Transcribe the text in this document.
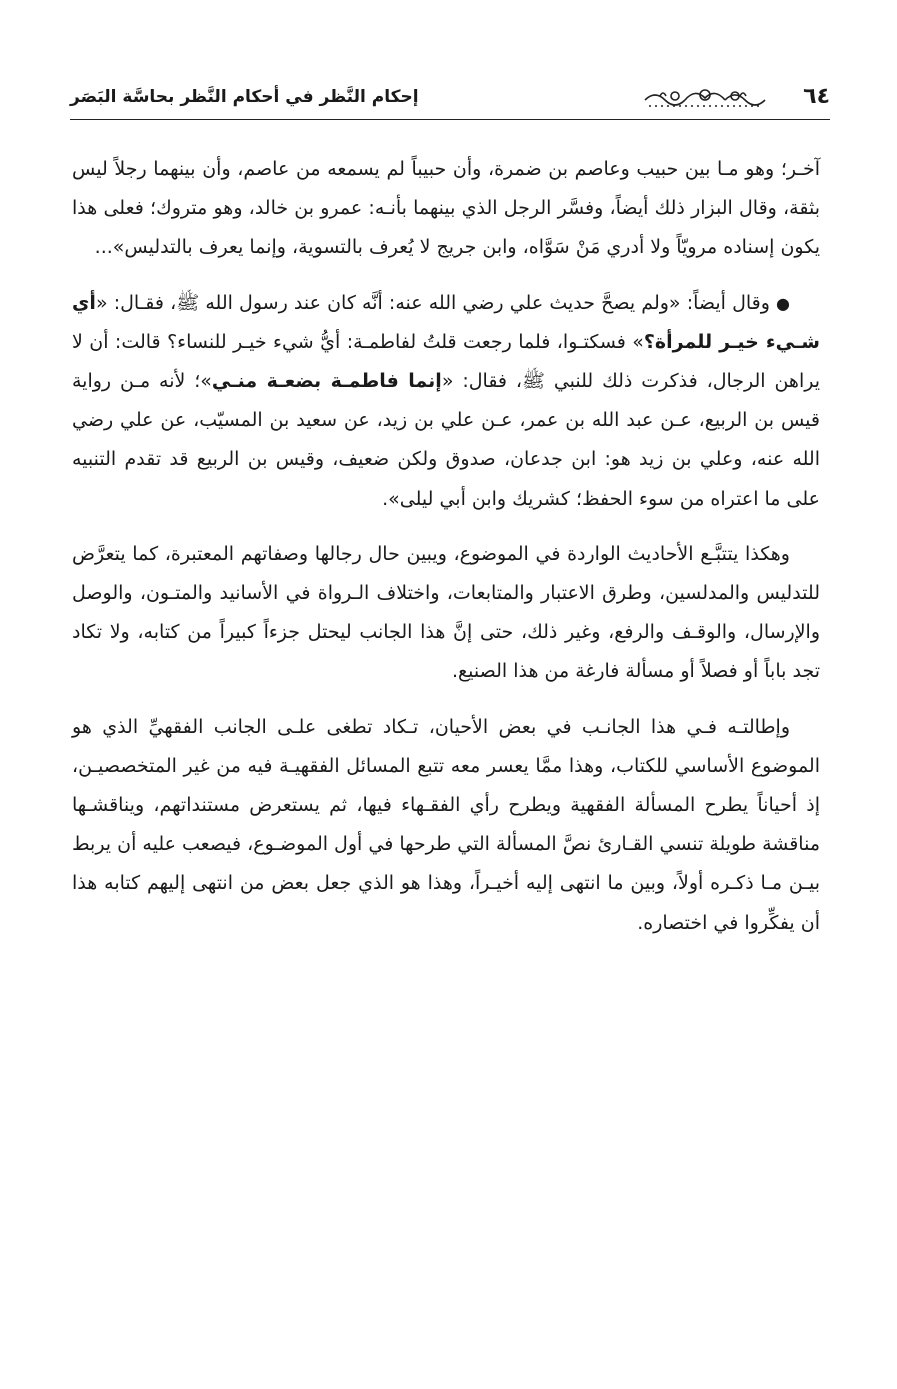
٦٤
إحكام النَّظر في أحكام النَّظر بحاسَّة البَصَر

آخـر؛ وهو مـا بين حبيب وعاصم بن ضمرة، وأن حبيباً لم يسمعه من عاصم، وأن بينهما رجلاً ليس بثقة، وقال البزار ذلك أيضاً، وفسَّر الرجل الذي بينهما بأنـه: عمرو بن خالد، وهو متروك؛ فعلى هذا يكون إسناده مرويّاً ولا أدري مَنْ سَوَّاه، وابن جريج لا يُعرف بالتسوية، وإنما يعرف بالتدليس»...

●وقال أيضاً: «ولم يصحَّ حديث علي رضي الله عنه: أنَّه كان عند رسول الله ﷺ، فقـال: «أي شـيء خيـر للمرأة؟» فسكتـوا، فلما رجعت قلتُ لفاطمـة: أيُّ شيء خيـر للنساء؟ قالت: أن لا يراهن الرجال، فذكرت ذلك للنبي ﷺ، فقال: «إنما فاطمـة بضعـة منـي»؛ لأنه مـن رواية قيس بن الربيع، عـن عبد الله بن عمر، عـن علي بن زيد، عن سعيد بن المسيّب، عن علي رضي الله عنه، وعلي بن زيد هو: ابن جدعان، صدوق ولكن ضعيف، وقيس بن الربيع قد تقدم التنبيه على ما اعتراه من سوء الحفظ؛ كشريك وابن أبي ليلى».

وهكذا يتتبَّـع الأحاديث الواردة في الموضوع، ويبين حال رجالها وصفاتهم المعتبرة، كما يتعرَّض للتدليس والمدلسين، وطرق الاعتبار والمتابعات، واختلاف الـرواة في الأسانيد والمتـون، والوصل والإرسال، والوقـف والرفع، وغير ذلك، حتى إنَّ هذا الجانب ليحتل جزءاً كبيراً من كتابه، ولا تكاد تجد باباً أو فصلاً أو مسألة فارغة من هذا الصنيع.

وإطالتـه فـي هذا الجانـب في بعض الأحيان، تـكاد تطغى علـى الجانب الفقهيِّ الذي هو الموضوع الأساسي للكتاب، وهذا ممَّا يعسر معه تتبع المسائل الفقهيـة فيه من غير المتخصصيـن، إذ أحياناً يطرح المسألة الفقهية ويطرح رأي الفقـهاء فيها، ثم يستعرض مستنداتهم، ويناقشـها مناقشة طويلة تنسي القـارئ نصَّ المسألة التي طرحها في أول الموضـوع، فيصعب عليه أن يربط بيـن مـا ذكـره أولاً، وبين ما انتهى إليه أخيـراً، وهذا هو الذي جعل بعض من انتهى إليهم كتابه هذا أن يفكِّروا في اختصاره.
